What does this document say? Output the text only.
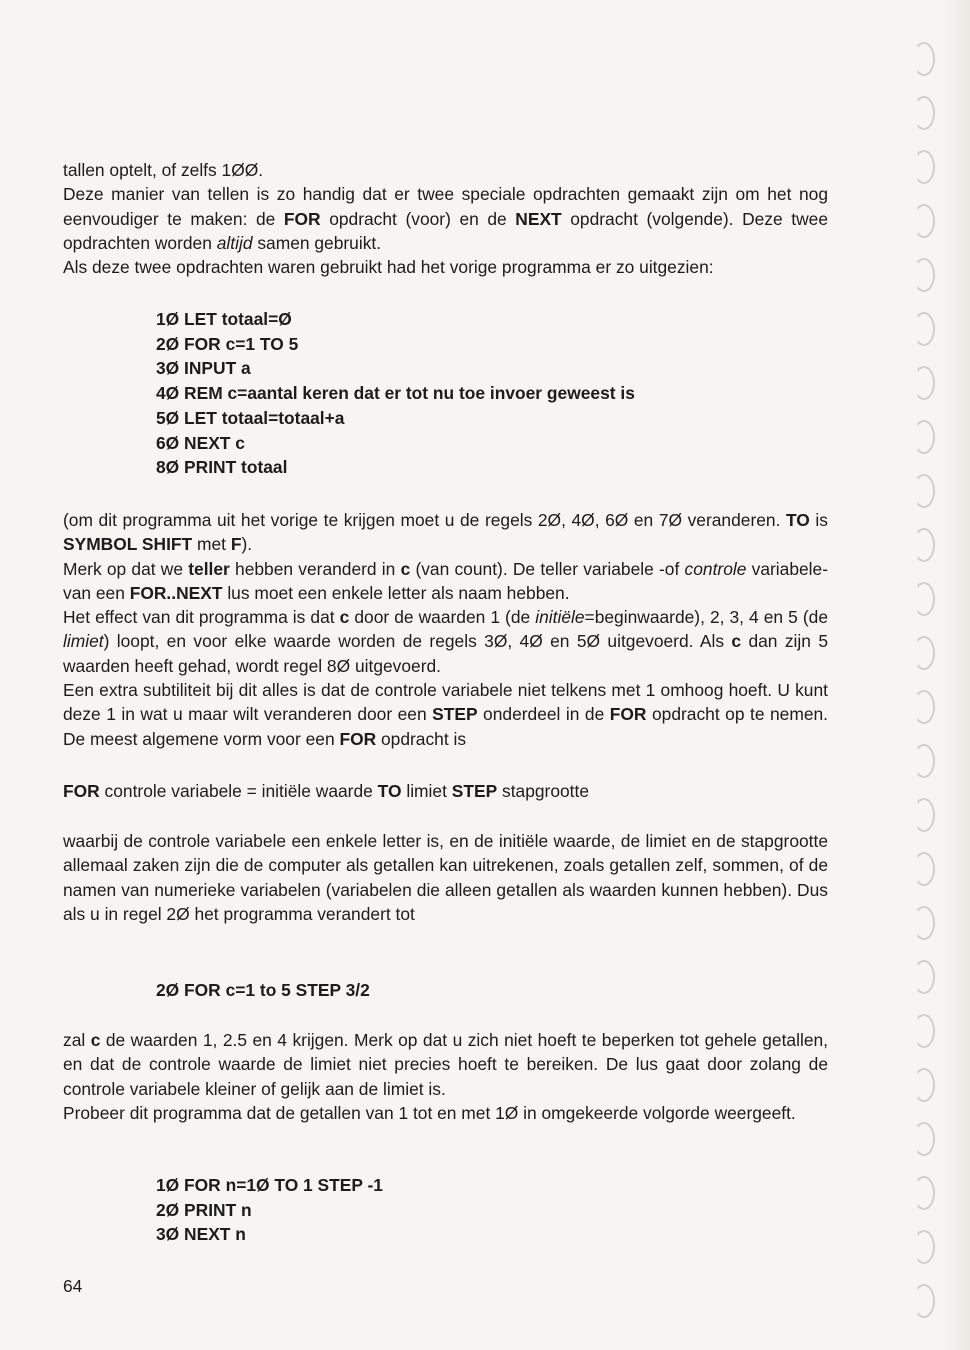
tallen optelt, of zelfs 1ØØ.

Deze manier van tellen is zo handig dat er twee speciale opdrachten gemaakt zijn om het nog eenvoudiger te maken: de FOR opdracht (voor) en de NEXT opdracht (volgende). Deze twee opdrachten worden altijd samen gebruikt.

Als deze twee opdrachten waren gebruikt had het vorige programma er zo uitgezien:

1Ø LET totaal=Ø
2Ø FOR c=1 TO 5
3Ø INPUT a
4Ø REM c=aantal keren dat er tot nu toe invoer geweest is
5Ø LET totaal=totaal+a
6Ø NEXT c
8Ø PRINT totaal

(om dit programma uit het vorige te krijgen moet u de regels 2Ø, 4Ø, 6Ø en 7Ø veranderen. TO is SYMBOL SHIFT met F).

Merk op dat we teller hebben veranderd in c (van count). De teller variabele -of controle variabele- van een FOR..NEXT lus moet een enkele letter als naam hebben.

Het effect van dit programma is dat c door de waarden 1 (de initiële=beginwaarde), 2, 3, 4 en 5 (de limiet) loopt, en voor elke waarde worden de regels 3Ø, 4Ø en 5Ø uitgevoerd. Als c dan zijn 5 waarden heeft gehad, wordt regel 8Ø uitgevoerd.

Een extra subtiliteit bij dit alles is dat de controle variabele niet telkens met 1 omhoog hoeft. U kunt deze 1 in wat u maar wilt veranderen door een STEP onderdeel in de FOR opdracht op te nemen. De meest algemene vorm voor een FOR opdracht is

FOR controle variabele = initiële waarde TO limiet STEP stapgrootte

waarbij de controle variabele een enkele letter is, en de initiële waarde, de limiet en de stapgrootte allemaal zaken zijn die de computer als getallen kan uitrekenen, zoals getallen zelf, sommen, of de namen van numerieke variabelen (variabelen die alleen getallen als waarden kunnen hebben). Dus als u in regel 2Ø het programma verandert tot

2Ø FOR c=1 to 5 STEP 3/2

zal c de waarden 1, 2.5 en 4 krijgen. Merk op dat u zich niet hoeft te beperken tot gehele getallen, en dat de controle waarde de limiet niet precies hoeft te bereiken. De lus gaat door zolang de controle variabele kleiner of gelijk aan de limiet is.

Probeer dit programma dat de getallen van 1 tot en met 1Ø in omgekeerde volgorde weergeeft.

1Ø FOR n=1Ø TO 1 STEP -1
2Ø PRINT n
3Ø NEXT n
64
